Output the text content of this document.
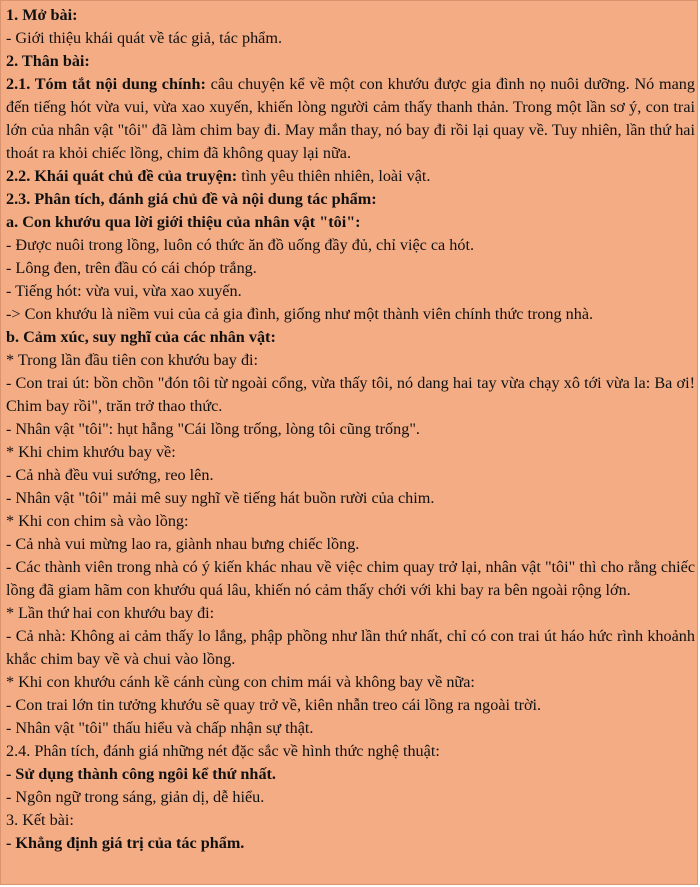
1. Mở bài:
- Giới thiệu khái quát về tác giả, tác phẩm.
2. Thân bài:
2.1. Tóm tắt nội dung chính: câu chuyện kể về một con khướu được gia đình nọ nuôi dưỡng. Nó mang đến tiếng hót vừa vui, vừa xao xuyến, khiến lòng người cảm thấy thanh thản. Trong một lần sơ ý, con trai lớn của nhân vật "tôi" đã làm chim bay đi. May mắn thay, nó bay đi rồi lại quay về. Tuy nhiên, lần thứ hai thoát ra khỏi chiếc lồng, chim đã không quay lại nữa.
2.2. Khái quát chủ đề của truyện: tình yêu thiên nhiên, loài vật.
2.3. Phân tích, đánh giá chủ đề và nội dung tác phẩm:
a. Con khướu qua lời giới thiệu của nhân vật "tôi":
- Được nuôi trong lồng, luôn có thức ăn đồ uống đầy đủ, chỉ việc ca hót.
- Lông đen, trên đầu có cái chóp trắng.
- Tiếng hót: vừa vui, vừa xao xuyến.
-> Con khướu là niềm vui của cả gia đình, giống như một thành viên chính thức trong nhà.
b. Cảm xúc, suy nghĩ của các nhân vật:
* Trong lần đầu tiên con khướu bay đi:
- Con trai út: bồn chồn "đón tôi từ ngoài cổng, vừa thấy tôi, nó dang hai tay vừa chạy xô tới vừa la: Ba ơi! Chim bay rồi", trăn trở thao thức.
- Nhân vật "tôi": hụt hẫng "Cái lồng trống, lòng tôi cũng trống".
* Khi chim khướu bay về:
- Cả nhà đều vui sướng, reo lên.
- Nhân vật "tôi" mải mê suy nghĩ về tiếng hát buồn rười của chim.
* Khi con chim sà vào lồng:
- Cả nhà vui mừng lao ra, giành nhau bưng chiếc lồng.
- Các thành viên trong nhà có ý kiến khác nhau về việc chim quay trở lại, nhân vật "tôi" thì cho rằng chiếc lồng đã giam hãm con khướu quá lâu, khiến nó cảm thấy chới với khi bay ra bên ngoài rộng lớn.
* Lần thứ hai con khướu bay đi:
- Cả nhà: Không ai cảm thấy lo lắng, phập phồng như lần thứ nhất, chỉ có con trai út háo hức rình khoảnh khắc chim bay về và chui vào lồng.
* Khi con khướu cánh kề cánh cùng con chim mái và không bay về nữa:
- Con trai lớn tin tưởng khướu sẽ quay trở về, kiên nhẫn treo cái lồng ra ngoài trời.
- Nhân vật "tôi" thấu hiểu và chấp nhận sự thật.
2.4. Phân tích, đánh giá những nét đặc sắc về hình thức nghệ thuật:
- Sử dụng thành công ngôi kể thứ nhất.
- Ngôn ngữ trong sáng, giản dị, dễ hiểu.
3. Kết bài:
- Khẳng định giá trị của tác phẩm.
